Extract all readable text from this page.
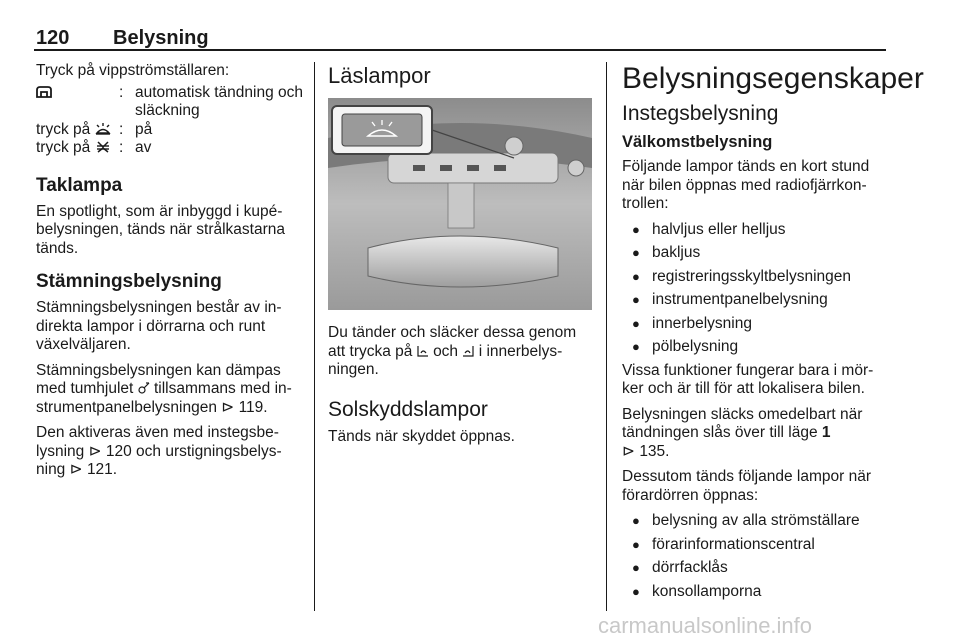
120 Belysning
Tryck på vippströmställaren:
: automatisk tändning och släckning
tryck på	: på
tryck på	: av
Taklampa

En spotlight, som är inbyggd i kupé-belysningen, tänds när strålkastarna tänds.

Stämningsbelysning

Stämningsbelysningen består av in-direkta lampor i dörrarna och runt växelväljaren.

Stämningsbelysningen kan dämpas med tumhjulet tillsammans med in-strumentpanelbelysningen ⊳ 119.

Den aktiveras även med instegsbe-lysning ⊳ 120 och urstigningsbelys-ning ⊳ 121.

Läslampor

Du tänder och släcker dessa genom att trycka på och i innerbelys-ningen.

Solskyddslampor

Tänds när skyddet öppnas.

Belysningsegenskaper
Instegsbelysning
Välkomstbelysning

Följande lampor tänds en kort stund när bilen öppnas med radiofjärrkon-trollen:

● halvljus eller helljus
● bakljus
● registreringsskyltbelysningen
● instrumentpanelbelysning
● innerbelysning
● pölbelysning

Vissa funktioner fungerar bara i mör-ker och är till för att lokalisera bilen.

Belysningen släcks omedelbart när tändningen slås över till läge 1
⊳ 135.

Dessutom tänds följande lampor när förardörren öppnas:

● belysning av alla strömställare
● förarinformationscentral
● dörrfacklås
● konsollamporna
carmanualsonline.info
